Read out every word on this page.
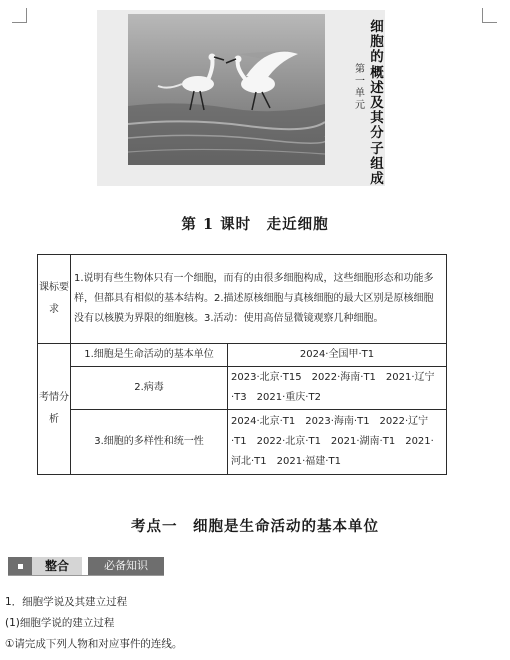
第
一
单
元
细
胞
的
概
述
及
其
分
子
组
成
第 1 课时　走近细胞
课标要求	1.说明有些生物体只有一个细胞，而有的由很多细胞构成，这些细胞形态和功能多样，但都具有相似的基本结构。2.描述原核细胞与真核细胞的最大区别是原核细胞没有以核膜为界限的细胞核。3.活动：使用高倍显微镜观察几种细胞。	
考情分析	1.细胞是生命活动的基本单位	2024·全国甲·T1
	2.病毒	2023·北京·T15　2022·海南·T1　2021·辽宁·T3　2021·重庆·T2
	3.细胞的多样性和统一性	2024·北京·T1　2023·海南·T1　2022·辽宁·T1　2022·北京·T1　2021·湖南·T1　2021·河北·T1　2021·福建·T1
考点一　细胞是生命活动的基本单位
整合	必备知识
1．细胞学说及其建立过程
(1)细胞学说的建立过程
①请完成下列人物和对应事件的连线。
